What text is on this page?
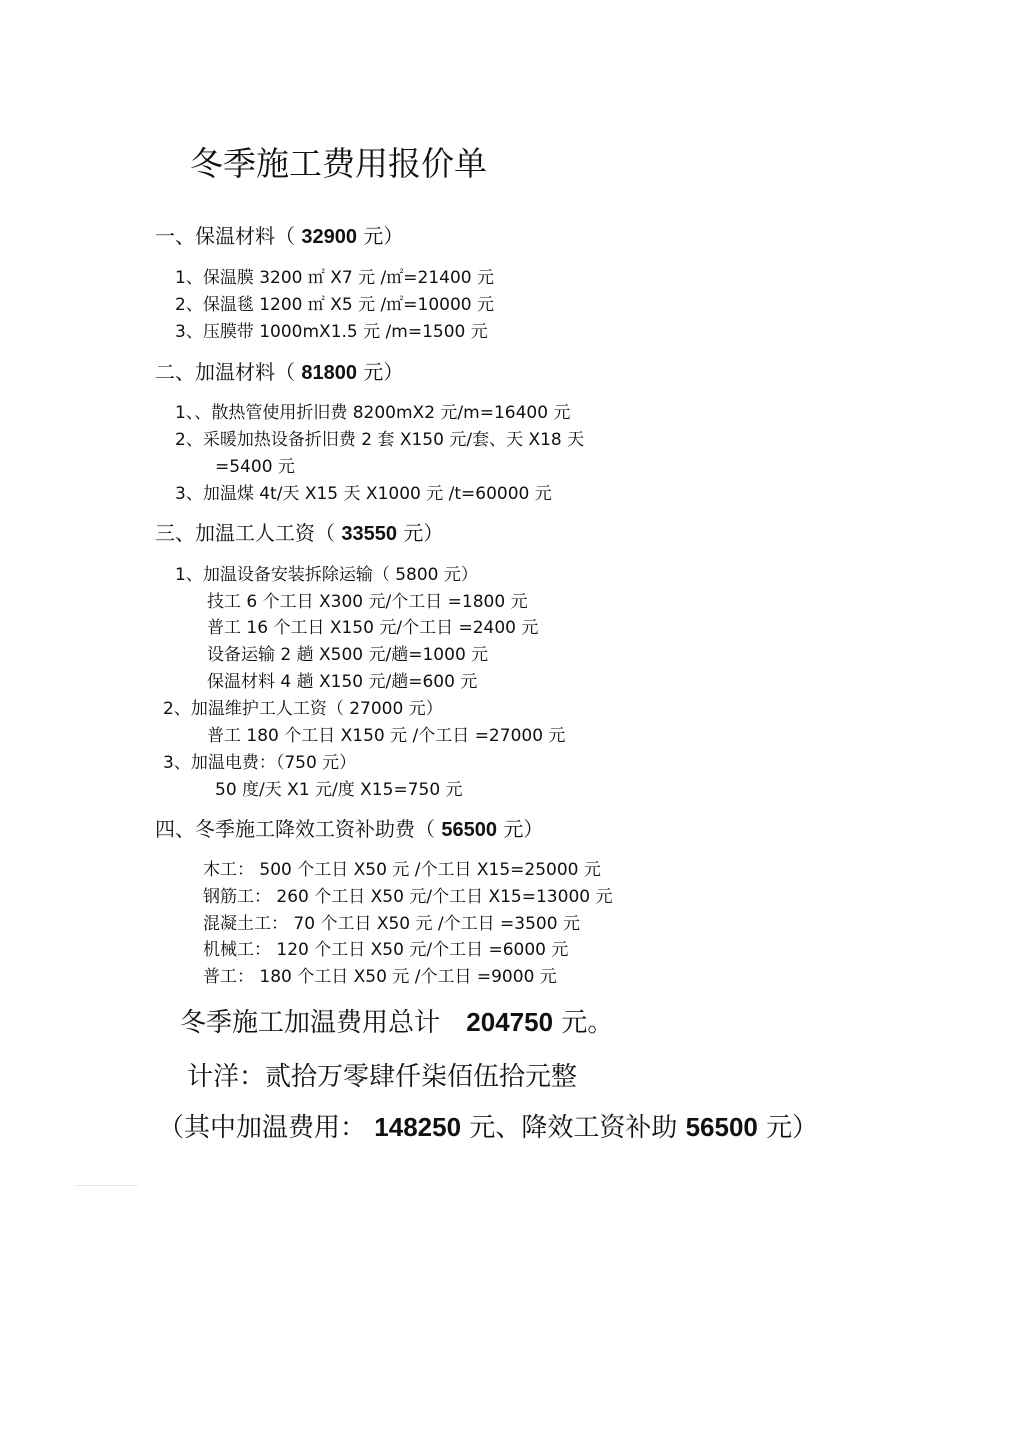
冬季施工费用报价单
一、保温材料（ 32900 元）
1、保温膜 3200 ㎡ X7 元 /㎡=21400 元
2、保温毯 1200 ㎡ X5 元 /㎡=10000 元
3、压膜带 1000mX1.5 元 /m=1500 元
二、加温材料（ 81800 元）
1、、散热管使用折旧费 8200mX2 元/m=16400 元
2、采暖加热设备折旧费 2 套 X150 元/套、天 X18 天
=5400 元
3、加温煤 4t/天 X15 天 X1000 元 /t=60000 元
三、加温工人工资（ 33550 元）
1、加温设备安装拆除运输（ 5800 元）
技工 6 个工日 X300 元/个工日 =1800 元
普工 16 个工日 X150 元/个工日 =2400 元
设备运输 2 趟 X500 元/趟=1000 元
保温材料 4 趟 X150 元/趟=600 元
2、加温维护工人工资（ 27000 元）
普工 180 个工日 X150 元 /个工日 =27000 元
3、加温电费：（750 元）
50 度/天 X1 元/度 X15=750 元
四、冬季施工降效工资补助费（ 56500 元）
木工： 500 个工日 X50 元 /个工日 X15=25000 元
钢筋工： 260 个工日 X50 元/个工日 X15=13000 元
混凝土工： 70 个工日 X50 元 /个工日 =3500 元
机械工： 120 个工日 X50 元/个工日 =6000 元
普工： 180 个工日 X50 元 /个工日 =9000 元
冬季施工加温费用总计 204750 元。
计洋：贰拾万零肆仟柒佰伍拾元整
（其中加温费用： 148250 元、降效工资补助 56500 元）
